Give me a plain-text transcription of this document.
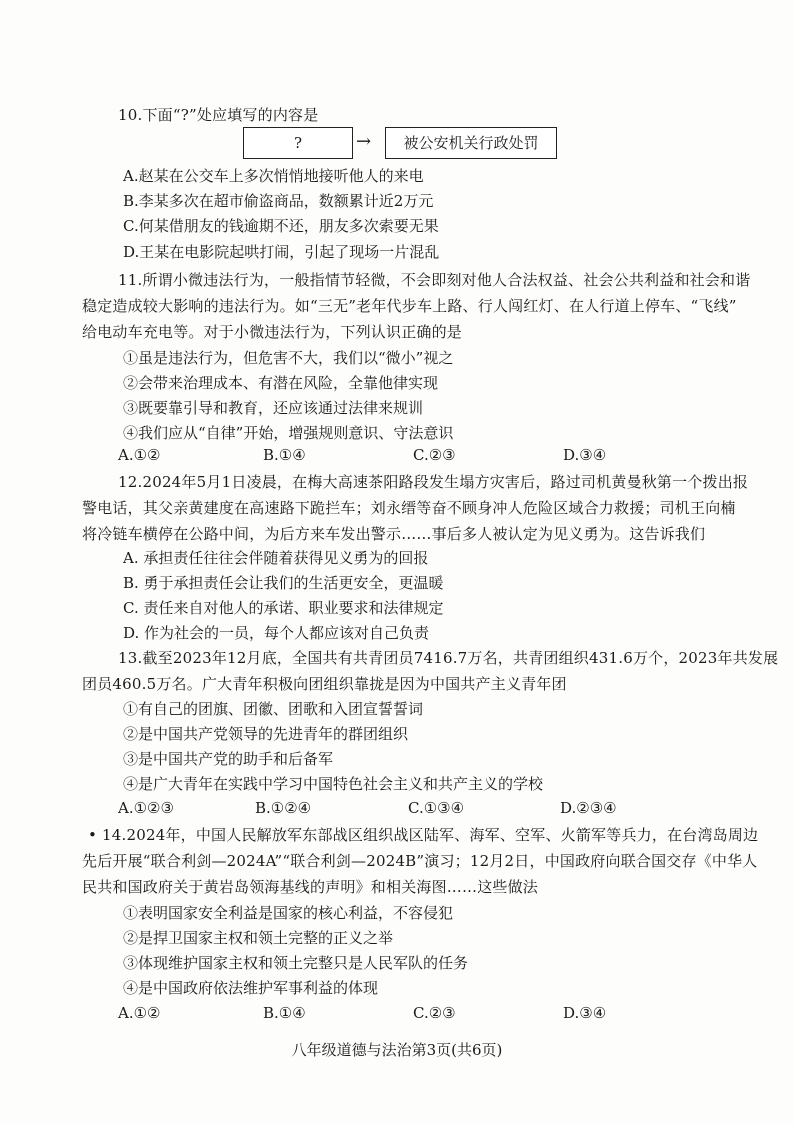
10.下面“?”处应填写的内容是
?	→	被公安机关行政处罚
A.赵某在公交车上多次悄悄地接听他人的来电
B.李某多次在超市偷盗商品，数额累计近2万元
C.何某借朋友的钱逾期不还，朋友多次索要无果
D.王某在电影院起哄打闹，引起了现场一片混乱
11.所谓小微违法行为，一般指情节轻微，不会即刻对他人合法权益、社会公共利益和社会和谐
稳定造成较大影响的违法行为。如“三无”老年代步车上路、行人闯红灯、在人行道上停车、“飞线”
给电动车充电等。对于小微违法行为，下列认识正确的是
①虽是违法行为，但危害不大，我们以“微小”视之
②会带来治理成本、有潜在风险，全靠他律实现
③既要靠引导和教育，还应该通过法律来规训
④我们应从“自律”开始，增强规则意识、守法意识
A.①②	B.①④	C.②③	D.③④
12.2024年5月1日凌晨，在梅大高速茶阳路段发生塌方灾害后，路过司机黄曼秋第一个拨出报
警电话，其父亲黄建度在高速路下跪拦车；刘永缙等奋不顾身冲人危险区域合力救援；司机王向楠
将冷链车横停在公路中间，为后方来车发出警示……事后多人被认定为见义勇为。这告诉我们
A. 承担责任往往会伴随着获得见义勇为的回报
B. 勇于承担责任会让我们的生活更安全，更温暖
C. 责任来自对他人的承诺、职业要求和法律规定
D. 作为社会的一员，每个人都应该对自己负责
13.截至2023年12月底，全国共有共青团员7416.7万名，共青团组织431.6万个，2023年共发展
团员460.5万名。广大青年积极向团组织靠拢是因为中国共产主义青年团
①有自己的团旗、团徽、团歌和入团宣誓誓词
②是中国共产党领导的先进青年的群团组织
③是中国共产党的助手和后备军
④是广大青年在实践中学习中国特色社会主义和共产主义的学校
A.①②③	B.①②④	C.①③④	D.②③④
• 14.2024年，中国人民解放军东部战区组织战区陆军、海军、空军、火箭军等兵力，在台湾岛周边
先后开展“联合利剑—2024A”“联合利剑—2024B”演习；12月2日，中国政府向联合国交存《中华人
民共和国政府关于黄岩岛领海基线的声明》和相关海图……这些做法
①表明国家安全利益是国家的核心利益，不容侵犯
②是捍卫国家主权和领土完整的正义之举
③体现维护国家主权和领土完整只是人民军队的任务
④是中国政府依法维护军事利益的体现
A.①②	B.①④	C.②③	D.③④
八年级道德与法治第3页(共6页)
